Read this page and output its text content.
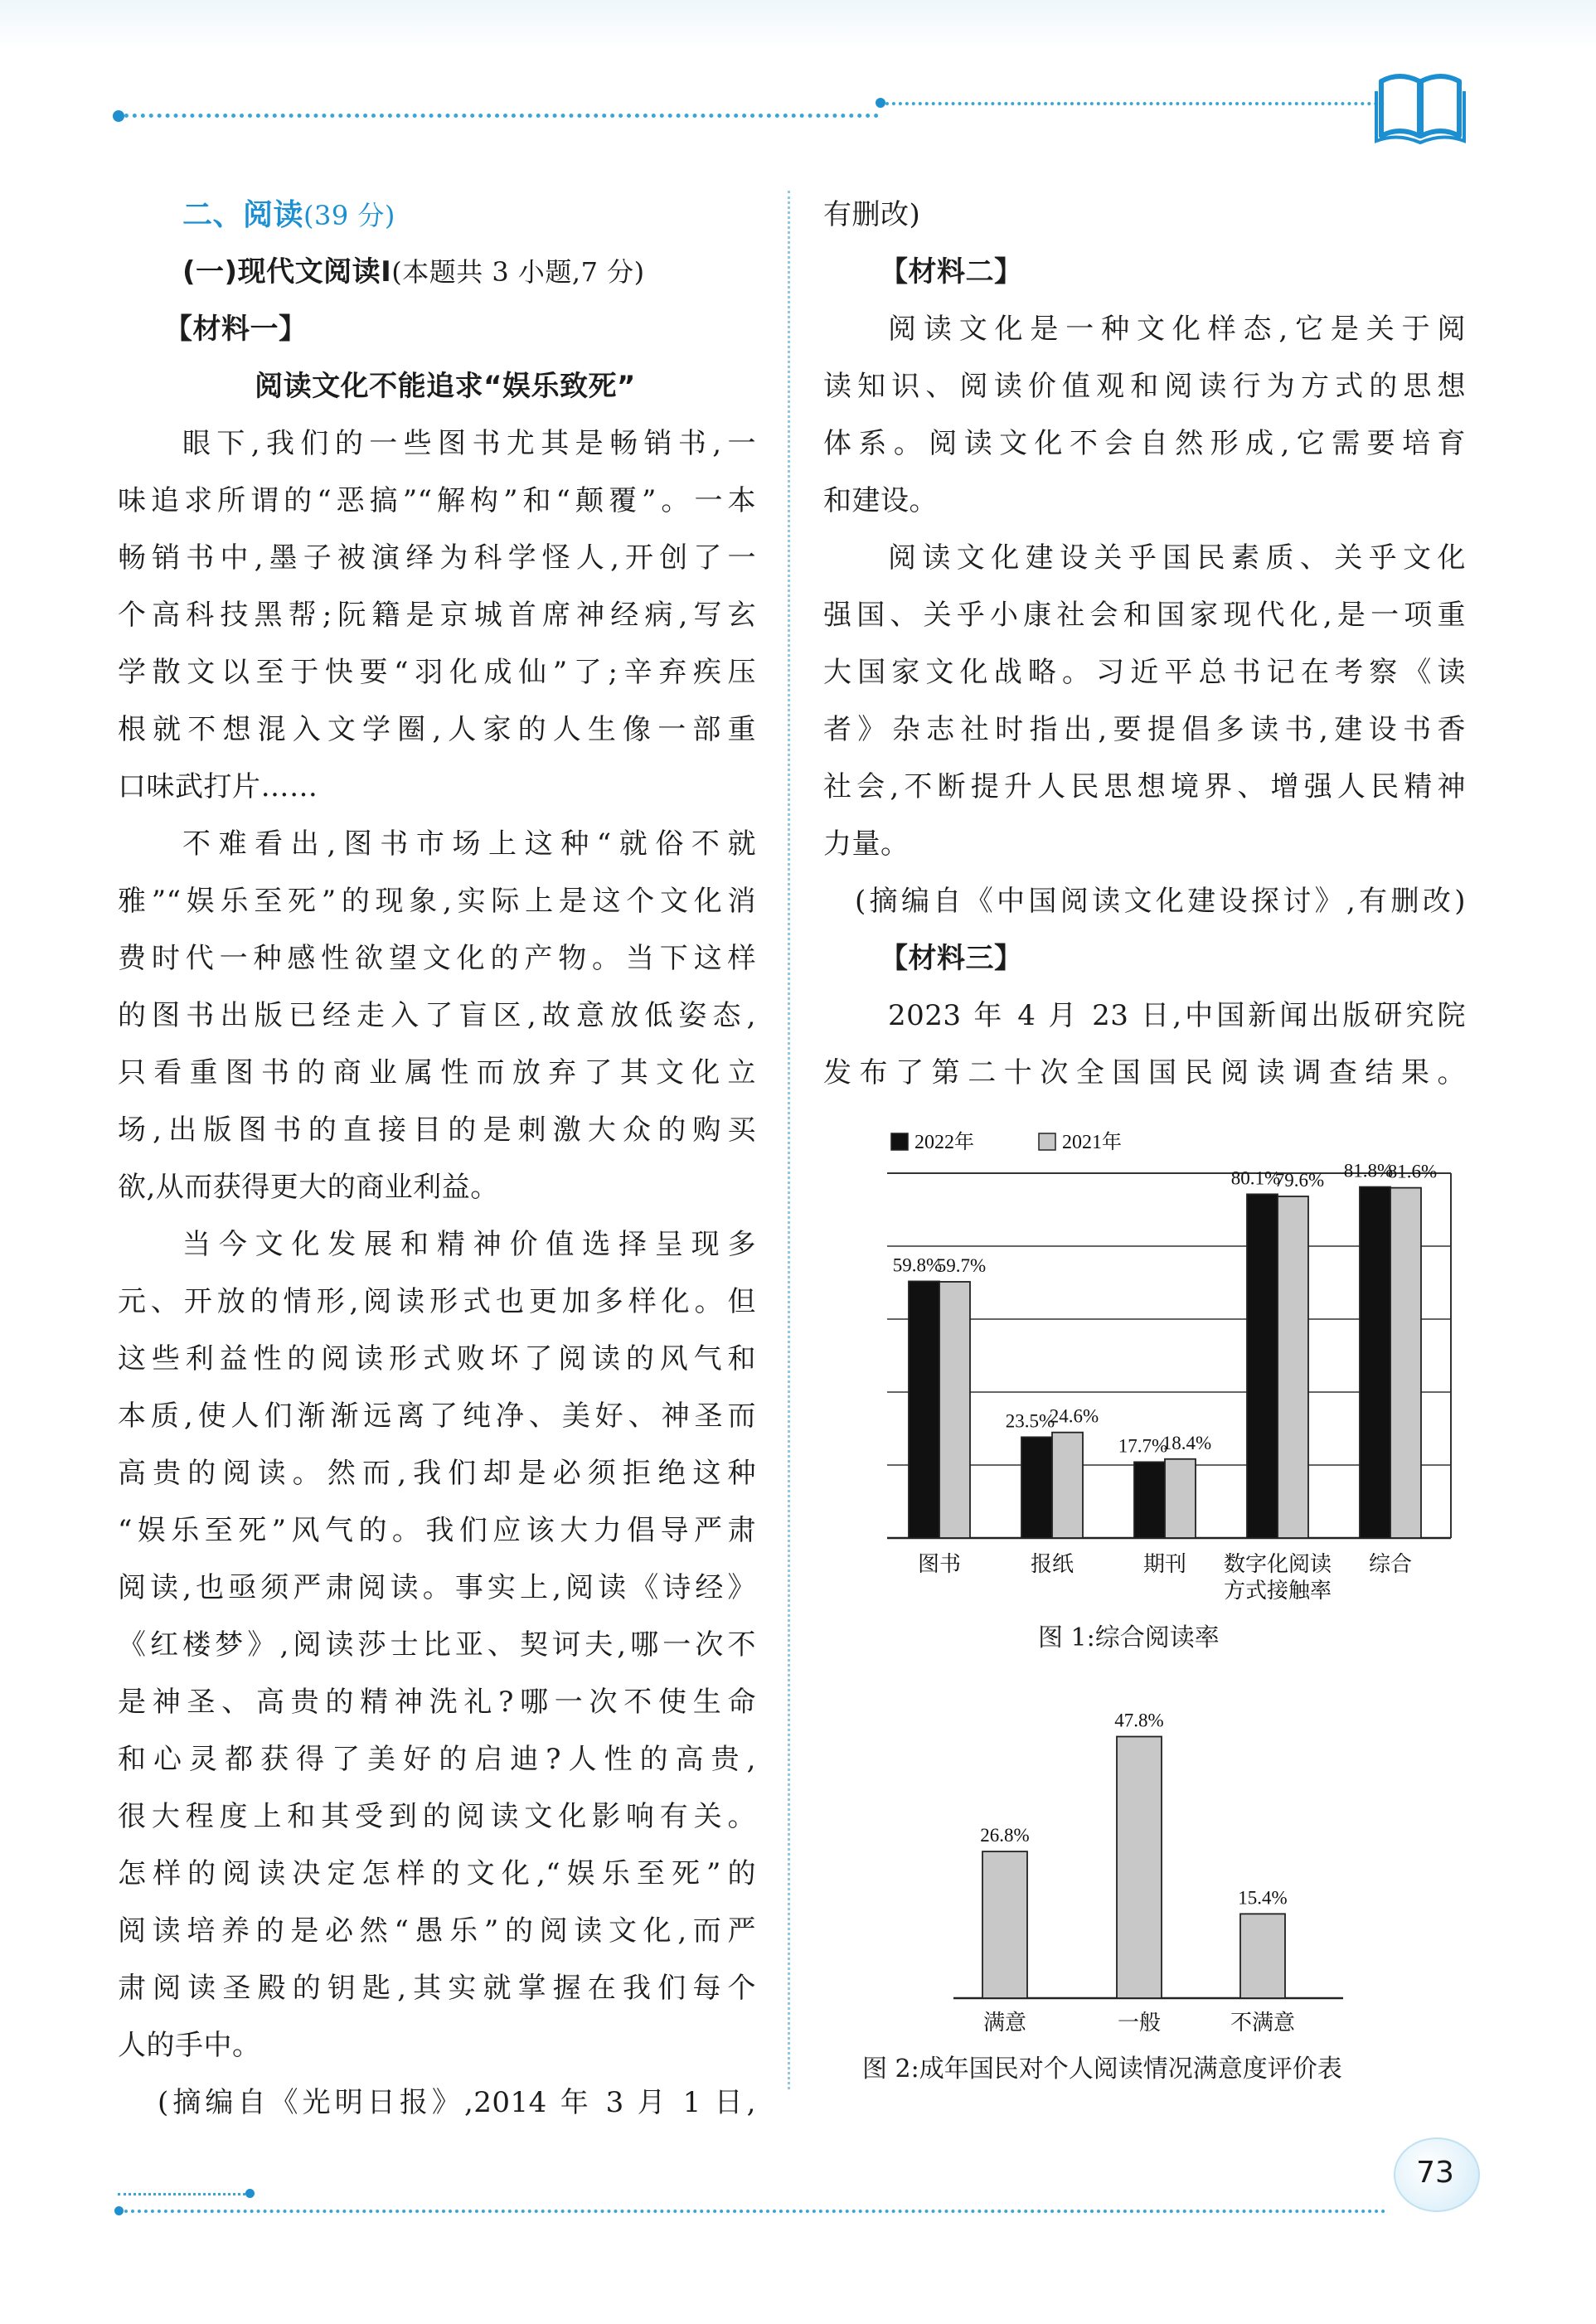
二、阅读(39 分)
(一)现代文阅读Ⅰ(本题共 3 小题,7 分)
【材料一】
阅读文化不能追求“娱乐致死”
眼下,我们的一些图书尤其是畅销书,一
味追求所谓的“恶搞”“解构”和“颠覆”。一本
畅销书中,墨子被演绎为科学怪人,开创了一
个高科技黑帮;阮籍是京城首席神经病,写玄
学散文以至于快要“羽化成仙”了;辛弃疾压
根就不想混入文学圈,人家的人生像一部重
口味武打片……
不难看出,图书市场上这种“就俗不就
雅”“娱乐至死”的现象,实际上是这个文化消
费时代一种感性欲望文化的产物。当下这样
的图书出版已经走入了盲区,故意放低姿态,
只看重图书的商业属性而放弃了其文化立
场,出版图书的直接目的是刺激大众的购买
欲,从而获得更大的商业利益。
当今文化发展和精神价值选择呈现多
元、开放的情形,阅读形式也更加多样化。但
这些利益性的阅读形式败坏了阅读的风气和
本质,使人们渐渐远离了纯净、美好、神圣而
高贵的阅读。然而,我们却是必须拒绝这种
“娱乐至死”风气的。我们应该大力倡导严肃
阅读,也亟须严肃阅读。事实上,阅读《诗经》
《红楼梦》,阅读莎士比亚、契诃夫,哪一次不
是神圣、高贵的精神洗礼?哪一次不使生命
和心灵都获得了美好的启迪?人性的高贵,
很大程度上和其受到的阅读文化影响有关。
怎样的阅读决定怎样的文化,“娱乐至死”的
阅读培养的是必然“愚乐”的阅读文化,而严
肃阅读圣殿的钥匙,其实就掌握在我们每个
人的手中。
(摘编自《光明日报》,2014 年 3 月 1 日,
有删改)
【材料二】
阅读文化是一种文化样态,它是关于阅
读知识、阅读价值观和阅读行为方式的思想
体系。阅读文化不会自然形成,它需要培育
和建设。
阅读文化建设关乎国民素质、关乎文化
强国、关乎小康社会和国家现代化,是一项重
大国家文化战略。习近平总书记在考察《读
者》杂志社时指出,要提倡多读书,建设书香
社会,不断提升人民思想境界、增强人民精神
力量。
(摘编自《中国阅读文化建设探讨》,有删改)
【材料三】
2023 年 4 月 23 日,中国新闻出版研究院
发布了第二十次全国国民阅读调查结果。
2022年	2021年
59.8%
59.7%
图书
23.5%
24.6%
报纸
17.7%
18.4%
期刊
80.1%
79.6%
数字化阅读
方式接触率
81.8%
81.6%
综合
图 1:综合阅读率
26.8%
满意
47.8%
一般
15.4%
不满意
图 2:成年国民对个人阅读情况满意度评价表
73
